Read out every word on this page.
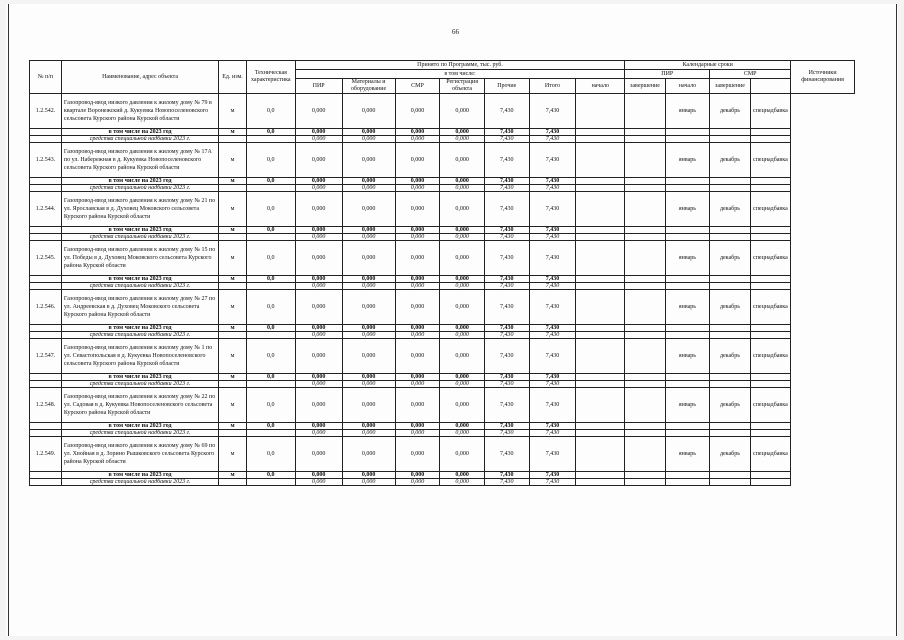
66
№ п/п	Наименование, адрес объекта	Ед. изм.	Техническая характеристика	Принято по Программе, тыс. руб.							Календарные сроки				Источники финансирования
				в том числе:							ПИР		СМР		
				ПИР	Материалы и оборудование	СМР	Регистрация объекта	Прочие	Итого	начало	завершение	начало	завершение		
1.2.542.	Газопровод-ввод низкого давления к жилому дому № 79 в квартале Воронежский д. Кукуевка Новопоселеновского сельсовета Курского района Курской области	м	0,0	0,000	0,000	0,000	0,000	7,430	7,430			январь	декабрь	спецнадбавка	
	в том числе на 2023 год	м	0,0	0,000	0,000	0,000	0,000	7,430	7,430						
	средства специальной надбавки 2023 г.			0,000	0,000	0,000	0,000	7,430	7,430						
1.2.543.	Газопровод-ввод низкого давления к жилому дому № 17А по ул. Набережная в д. Кукуевка Новопоселеновского сельсовета Курского района Курской области	м	0,0	0,000	0,000	0,000	0,000	7,430	7,430			январь	декабрь	спецнадбавка	
	в том числе на 2023 год	м	0,0	0,000	0,000	0,000	0,000	7,430	7,430						
	средства специальной надбавки 2023 г.			0,000	0,000	0,000	0,000	7,430	7,430						
1.2.544.	Газопровод-ввод низкого давления к жилому дому № 21 по ул. Ярославская в д. Духовец Моковского сельсовета Курского района Курской области	м	0,0	0,000	0,000	0,000	0,000	7,430	7,430			январь	декабрь	спецнадбавка	
	в том числе на 2023 год	м	0,0	0,000	0,000	0,000	0,000	7,430	7,430						
	средства специальной надбавки 2023 г.			0,000	0,000	0,000	0,000	7,430	7,430						
1.2.545.	Газопровод-ввод низкого давления к жилому дому № 15 по ул. Победы в д. Духовец Моковского сельсовета Курского района Курской области	м	0,0	0,000	0,000	0,000	0,000	7,430	7,430			январь	декабрь	спецнадбавка	
	в том числе на 2023 год	м	0,0	0,000	0,000	0,000	0,000	7,430	7,430						
	средства специальной надбавки 2023 г.			0,000	0,000	0,000	0,000	7,430	7,430						
1.2.546.	Газопровод-ввод низкого давления к жилому дому № 27 по ул. Андреевская в д. Духовец Моковского сельсовета Курского района Курской области	м	0,0	0,000	0,000	0,000	0,000	7,430	7,430			январь	декабрь	спецнадбавка	
	в том числе на 2023 год	м	0,0	0,000	0,000	0,000	0,000	7,430	7,430						
	средства специальной надбавки 2023 г.			0,000	0,000	0,000	0,000	7,430	7,430						
1.2.547.	Газопровод-ввод низкого давления к жилому дому № 1 по ул. Севастопольская в д. Кукуевка Новопоселеновского сельсовета Курского района Курской области	м	0,0	0,000	0,000	0,000	0,000	7,430	7,430			январь	декабрь	спецнадбавка	
	в том числе на 2023 год	м	0,0	0,000	0,000	0,000	0,000	7,430	7,430						
	средства специальной надбавки 2023 г.			0,000	0,000	0,000	0,000	7,430	7,430						
1.2.548.	Газопровод-ввод низкого давления к жилому дому № 22 по ул. Садовая в д. Кукуевка Новопоселеновского сельсовета Курского района Курской области	м	0,0	0,000	0,000	0,000	0,000	7,430	7,430			январь	декабрь	спецнадбавка	
	в том числе на 2023 год	м	0,0	0,000	0,000	0,000	0,000	7,430	7,430						
	средства специальной надбавки 2023 г.			0,000	0,000	0,000	0,000	7,430	7,430						
1.2.549.	Газопровод-ввод низкого давления к жилому дому № 69 по ул. Хвойная в д. Зорино Рышковского сельсовета Курского района Курской области	м	0,0	0,000	0,000	0,000	0,000	7,430	7,430			январь	декабрь	спецнадбавка	
	в том числе на 2023 год	м	0,0	0,000	0,000	0,000	0,000	7,430	7,430						
	средства специальной надбавки 2023 г.			0,000	0,000	0,000	0,000	7,430	7,430						
